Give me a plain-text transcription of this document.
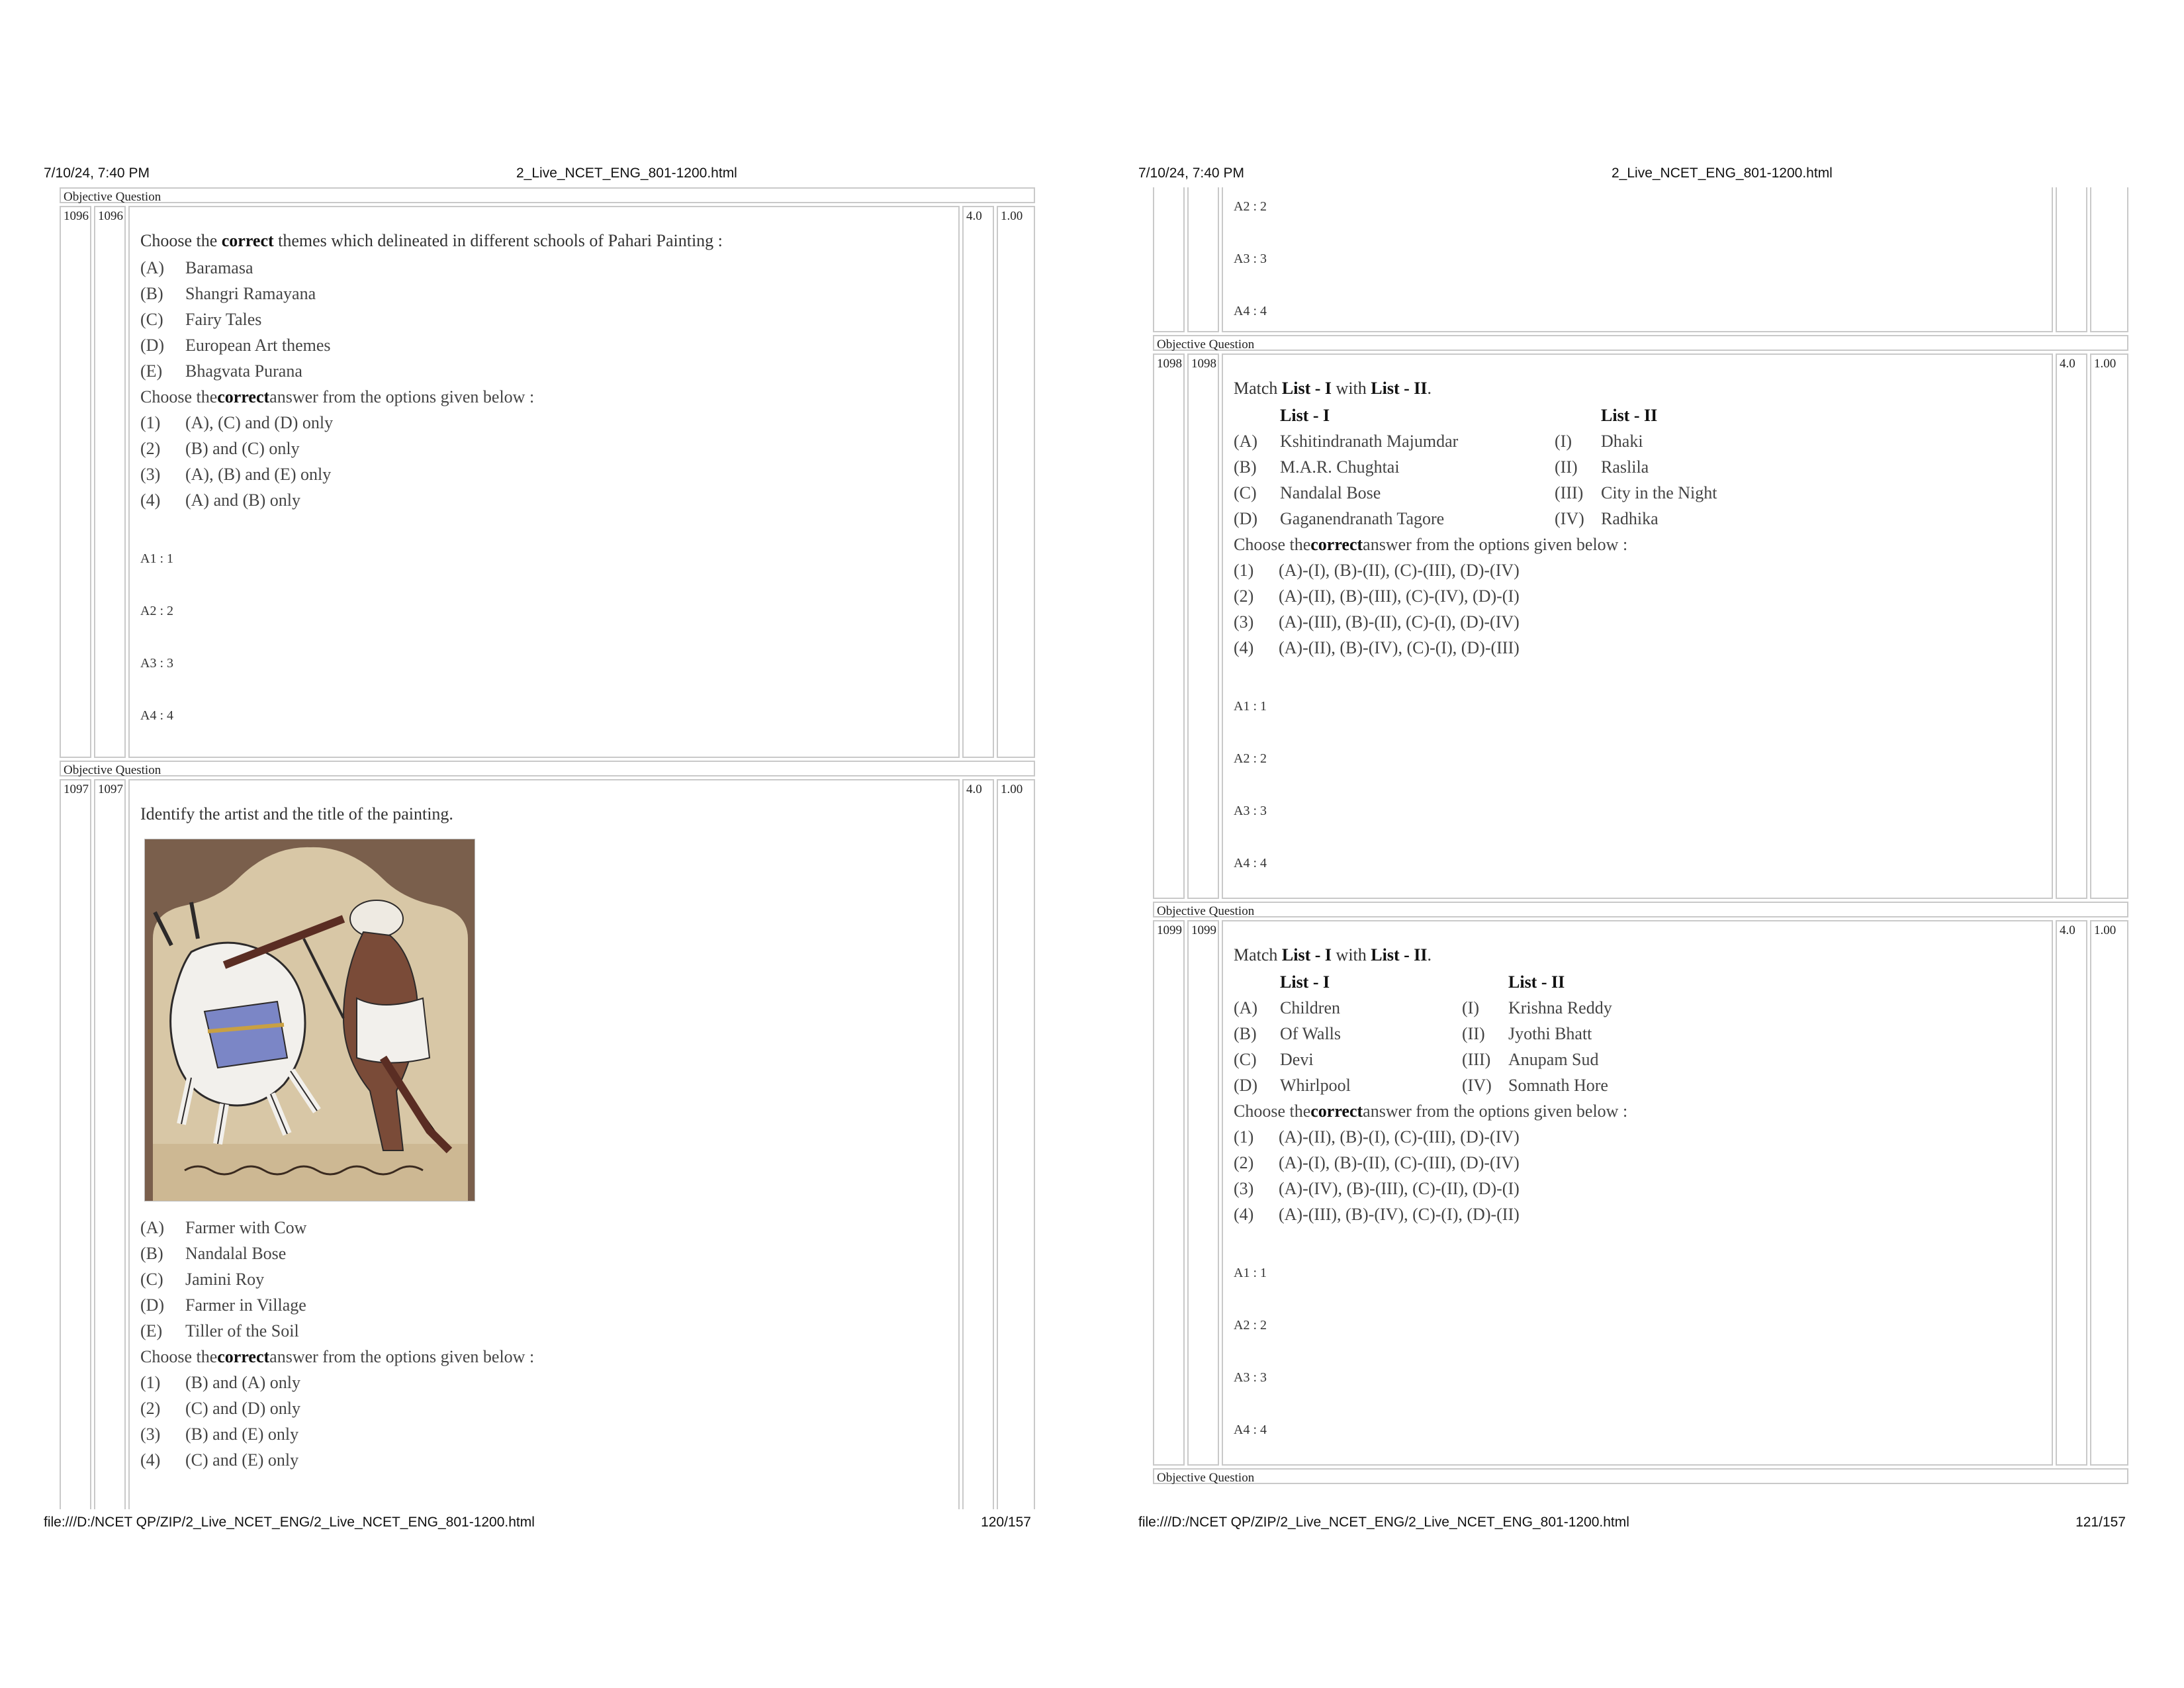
7/10/24, 7:40 PM	2_Live_NCET_ENG_801-1200.html
Objective Question
1096 1096
Choose the correct themes which delineated in different schools of Pahari Painting :
(A)	Baramasa
(B)	Shangri Ramayana
(C)	Fairy Tales
(D)	European Art themes
(E)	Bhagvata Purana
Choose the correct answer from the options given below :
(1)	(A), (C) and (D) only
(2)	(B) and (C) only
(3)	(A), (B) and (E) only
(4)	(A) and (B) only
A1 : 1
A2 : 2
A3 : 3
A4 : 4
4.0	1.00
Objective Question
1097 1097
Identify the artist and the title of the painting.
(A)	Farmer with Cow
(B)	Nandalal Bose
(C)	Jamini Roy
(D)	Farmer in Village
(E)	Tiller of the Soil
Choose the correct answer from the options given below :
(1)	(B) and (A) only
(2)	(C) and (D) only
(3)	(B) and (E) only
(4)	(C) and (E) only
4.0	1.00
file:///D:/NCET QP/ZIP/2_Live_NCET_ENG/2_Live_NCET_ENG_801-1200.html	120/157
7/10/24, 7:40 PM	2_Live_NCET_ENG_801-1200.html
A2 : 2
A3 : 3
A4 : 4
Objective Question
1098 1098
Match List - I with List - II.
	List - I		List - II
(A)	Kshitindranath Majumdar	(I)	Dhaki
(B)	M.A.R. Chughtai	(II)	Raslila
(C)	Nandalal Bose	(III)	City in the Night
(D)	Gaganendranath Tagore	(IV)	Radhika
Choose the correct answer from the options given below :
(1)	(A)-(I), (B)-(II), (C)-(III), (D)-(IV)
(2)	(A)-(II), (B)-(III), (C)-(IV), (D)-(I)
(3)	(A)-(III), (B)-(II), (C)-(I), (D)-(IV)
(4)	(A)-(II), (B)-(IV), (C)-(I), (D)-(III)
A1 : 1
A2 : 2
A3 : 3
A4 : 4
4.0	1.00
Objective Question
1099 1099
Match List - I with List - II.
	List - I		List - II
(A)	Children	(I)	Krishna Reddy
(B)	Of Walls	(II)	Jyothi Bhatt
(C)	Devi	(III)	Anupam Sud
(D)	Whirlpool	(IV)	Somnath Hore
Choose the correct answer from the options given below :
(1)	(A)-(II), (B)-(I), (C)-(III), (D)-(IV)
(2)	(A)-(I), (B)-(II), (C)-(III), (D)-(IV)
(3)	(A)-(IV), (B)-(III), (C)-(II), (D)-(I)
(4)	(A)-(III), (B)-(IV), (C)-(I), (D)-(II)
A1 : 1
A2 : 2
A3 : 3
A4 : 4
4.0	1.00
Objective Question
file:///D:/NCET QP/ZIP/2_Live_NCET_ENG/2_Live_NCET_ENG_801-1200.html	121/157
